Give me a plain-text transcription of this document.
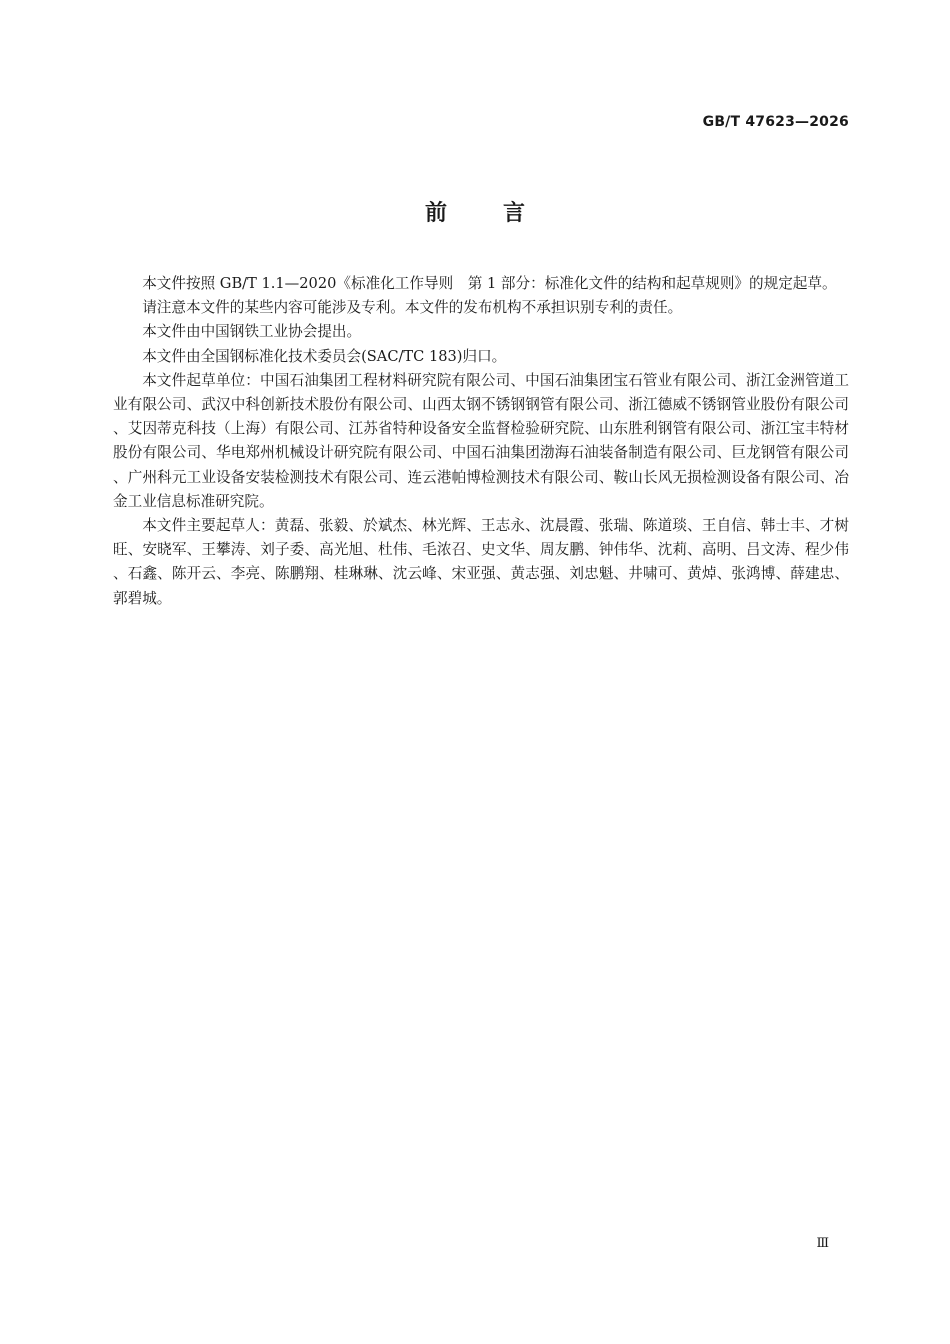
GB/T 47623—2026
前言

本文件按照 GB/T 1.1—2020《标准化工作导则　第 1 部分：标准化文件的结构和起草规则》的规定起草。

请注意本文件的某些内容可能涉及专利。本文件的发布机构不承担识别专利的责任。

本文件由中国钢铁工业协会提出。

本文件由全国钢标准化技术委员会(SAC/TC 183)归口。

本文件起草单位：中国石油集团工程材料研究院有限公司、中国石油集团宝石管业有限公司、浙江金洲管道工业有限公司、武汉中科创新技术股份有限公司、山西太钢不锈钢钢管有限公司、浙江德威不锈钢管业股份有限公司、艾因蒂克科技（上海）有限公司、江苏省特种设备安全监督检验研究院、山东胜利钢管有限公司、浙江宝丰特材股份有限公司、华电郑州机械设计研究院有限公司、中国石油集团渤海石油装备制造有限公司、巨龙钢管有限公司、广州科元工业设备安装检测技术有限公司、连云港帕博检测技术有限公司、鞍山长风无损检测设备有限公司、冶金工业信息标准研究院。

本文件主要起草人：黄磊、张毅、於斌杰、林光辉、王志永、沈晨霞、张瑞、陈道琰、王自信、韩士丰、才树旺、安晓军、王攀涛、刘子委、高光旭、杜伟、毛浓召、史文华、周友鹏、钟伟华、沈莉、高明、吕文涛、程少伟、石鑫、陈开云、李亮、陈鹏翔、桂琳琳、沈云峰、宋亚强、黄志强、刘忠魁、井啸可、黄焯、张鸿博、薛建忠、郭碧城。

Ⅲ
